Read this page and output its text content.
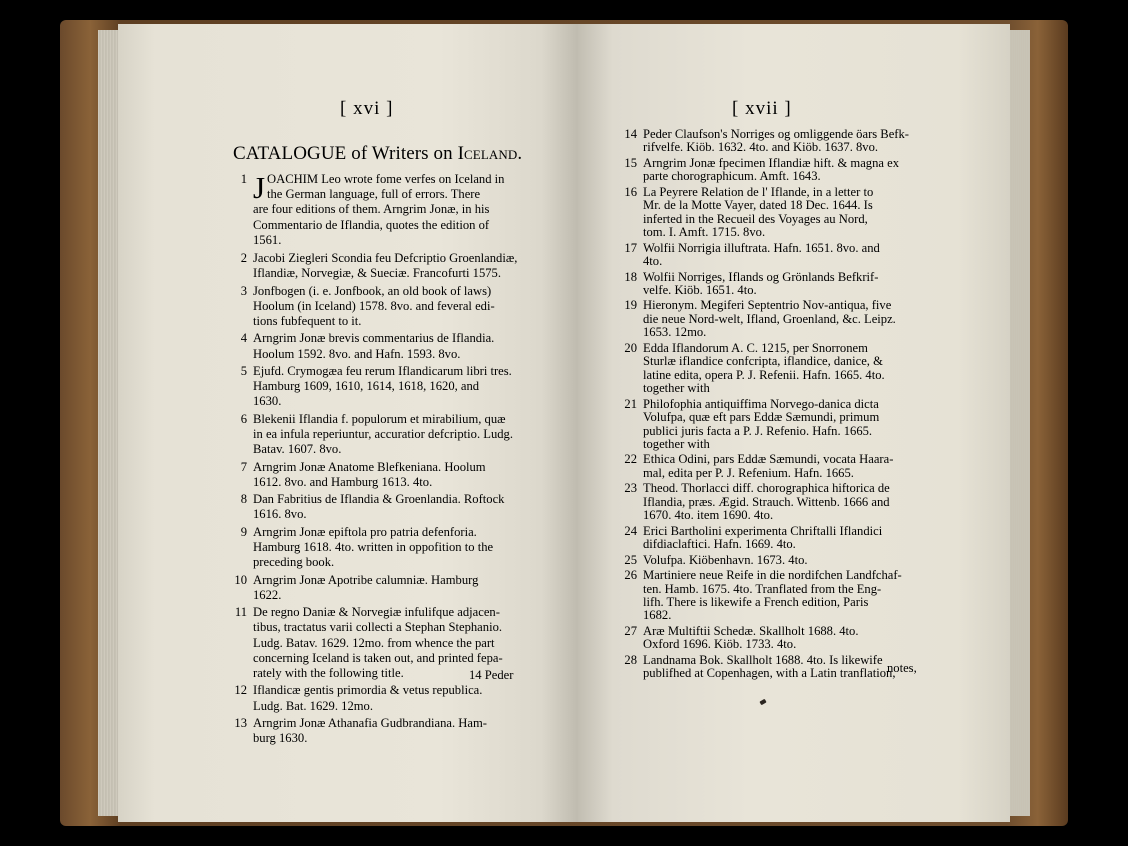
[ xvi ]	[ xvii ]
CATALOGUE of Writers on Iceland.
1 J OACHIM Leo wrote fome verfes on Iceland in
the German language, full of errors. There
are four editions of them. Arngrim Jonæ, in his
Commentario de Iflandia, quotes the edition of
1561.
2 Jacobi Ziegleri Scondia feu Defcriptio Groenlandiæ,
Iflandiæ, Norvegiæ, & Sueciæ. Francofurti 1575.
3 Jonfbogen (i. e. Jonfbook, an old book of laws)
Hoolum (in Iceland) 1578. 8vo. and feveral edi-
tions fubfequent to it.
4 Arngrim Jonæ brevis commentarius de Iflandia.
Hoolum 1592. 8vo. and Hafn. 1593. 8vo.
5 Ejufd. Crymogæa feu rerum Iflandicarum libri tres.
Hamburg 1609, 1610, 1614, 1618, 1620, and
1630.
6 Blekenii Iflandia f. populorum et mirabilium, quæ
in ea infula reperiuntur, accuratior defcriptio. Ludg.
Batav. 1607. 8vo.
7 Arngrim Jonæ Anatome Blefkeniana. Hoolum
1612. 8vo. and Hamburg 1613. 4to.
8 Dan Fabritius de Iflandia & Groenlandia. Roftock
1616. 8vo.
9 Arngrim Jonæ epiftola pro patria defenforia.
Hamburg 1618. 4to. written in oppofition to the
preceding book.
10 Arngrim Jonæ Apotribe calumniæ. Hamburg
1622.
11 De regno Daniæ & Norvegiæ infulifque adjacen-
tibus, tractatus varii collecti a Stephan Stephanio.
Ludg. Batav. 1629. 12mo. from whence the part
concerning Iceland is taken out, and printed fepa-
rately with the following title.
12 Iflandicæ gentis primordia & vetus republica.
Ludg. Bat. 1629. 12mo.
13 Arngrim Jonæ Athanafia Gudbrandiana. Ham-
burg 1630.
14 Peder Claufson's Norriges og omliggende öars Befk-
rifvelfe. Kiöb. 1632. 4to. and Kiöb. 1637. 8vo.
15 Arngrim Jonæ fpecimen Iflandiæ hift. & magna ex
parte chorographicum. Amft. 1643.
16 La Peyrere Relation de l' Iflande, in a letter to
Mr. de la Motte Vayer, dated 18 Dec. 1644. Is
inferted in the Recueil des Voyages au Nord,
tom. I. Amft. 1715. 8vo.
17 Wolfii Norrigia illuftrata. Hafn. 1651. 8vo. and
4to.
18 Wolfii Norriges, Iflands og Grönlands Befkrif-
velfe. Kiöb. 1651. 4to.
19 Hieronym. Megiferi Septentrio Nov-antiqua, five
die neue Nord-welt, Ifland, Groenland, &c. Leipz.
1653. 12mo.
20 Edda Iflandorum A. C. 1215, per Snorronem
Sturlæ iflandice confcripta, iflandice, danice, &
latine edita, opera P. J. Refenii. Hafn. 1665. 4to.
together with
21 Philofophia antiquiffima Norvego-danica dicta
Volufpa, quæ eft pars Eddæ Sæmundi, primum
publici juris facta a P. J. Refenio. Hafn. 1665.
together with
22 Ethica Odini, pars Eddæ Sæmundi, vocata Haara-
mal, edita per P. J. Refenium. Hafn. 1665.
23 Theod. Thorlacci diff. chorographica hiftorica de
Iflandia, præs. Ægid. Strauch. Wittenb. 1666 and
1670. 4to. item 1690. 4to.
24 Erici Bartholini experimenta Chriftalli Iflandici
difdiaclaftici. Hafn. 1669. 4to.
25 Volufpa. Kiöbenhavn. 1673. 4to.
26 Martiniere neue Reife in die nordifchen Landfchaf-
ten. Hamb. 1675. 4to. Tranflated from the Eng-
lifh. There is likewife a French edition, Paris
1682.
27 Aræ Multiftii Schedæ. Skallholt 1688. 4to.
Oxford 1696. Kiöb. 1733. 4to.
28 Landnama Bok. Skallholt 1688. 4to. Is likewife
publifhed at Copenhagen, with a Latin tranflation,
14 Peder	notes,
